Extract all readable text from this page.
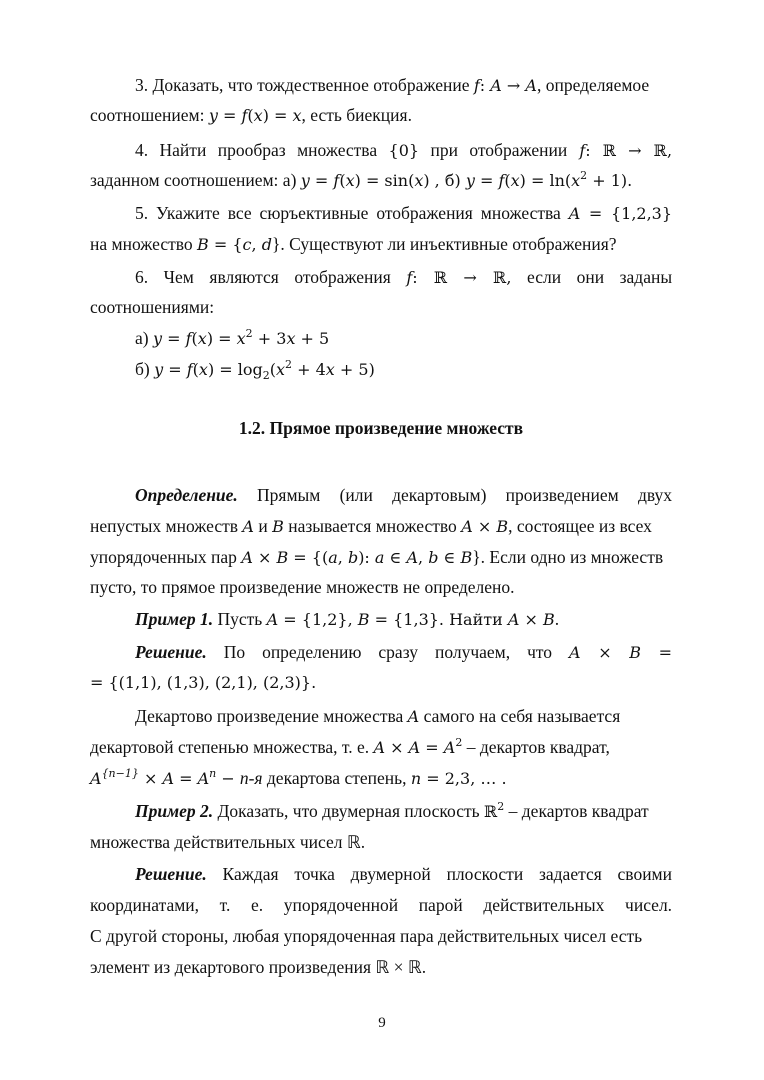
3. Доказать, что тождественное отображение f: A → A, определяемое
соотношением: y = f(x) = x, есть биекция.
4. Найти прообраз множества {0} при отображении f: ℝ → ℝ,
заданном соотношением: а) y = f(x) = sin(x) , б) $y = f(x) = \ln(x^2 + 1)$.
5. Укажите все сюръективные отображения множества A = {1,2,3}
на множество B = {c, d}. Существуют ли инъективные отображения?
6. Чем являются отображения f: ℝ → ℝ, если они заданы
соотношениями:
а) $y = f(x) = x^2 + 3x + 5$
б) $y = f(x) = \log_2(x^2 + 4x + 5)$
1.2. Прямое произведение множеств
Определение. Прямым (или декартовым) произведением двух
непустых множеств A и B называется множество A × B, состоящее из всех
упорядоченных пар A × B = {(a, b): a ∈ A, b ∈ B}. Если одно из множеств
пусто, то прямое произведение множеств не определено.
Пример 1. Пусть A = {1,2}, B = {1,3}. Найти A × B.
Решение. По определению сразу получаем, что A × B =
= {(1,1), (1,3), (2,1), (2,3)}.
Декартово произведение множества A самого на себя называется
декартовой степенью множества, т. е. $A \times A = A^2$ – декартов квадрат,
$A^{\{n-1\}} \times A = A^n - n-я$ декартова степень, n = 2,3, … .
Пример 2. Доказать, что двумерная плоскость ℝ$^2$ – декартов квадрат
множества действительных чисел ℝ.
Решение. Каждая точка двумерной плоскости задается своими
координатами, т. е. упорядоченной парой действительных чисел.
С другой стороны, любая упорядоченная пара действительных чисел есть
элемент из декартового произведения ℝ × ℝ.
9
